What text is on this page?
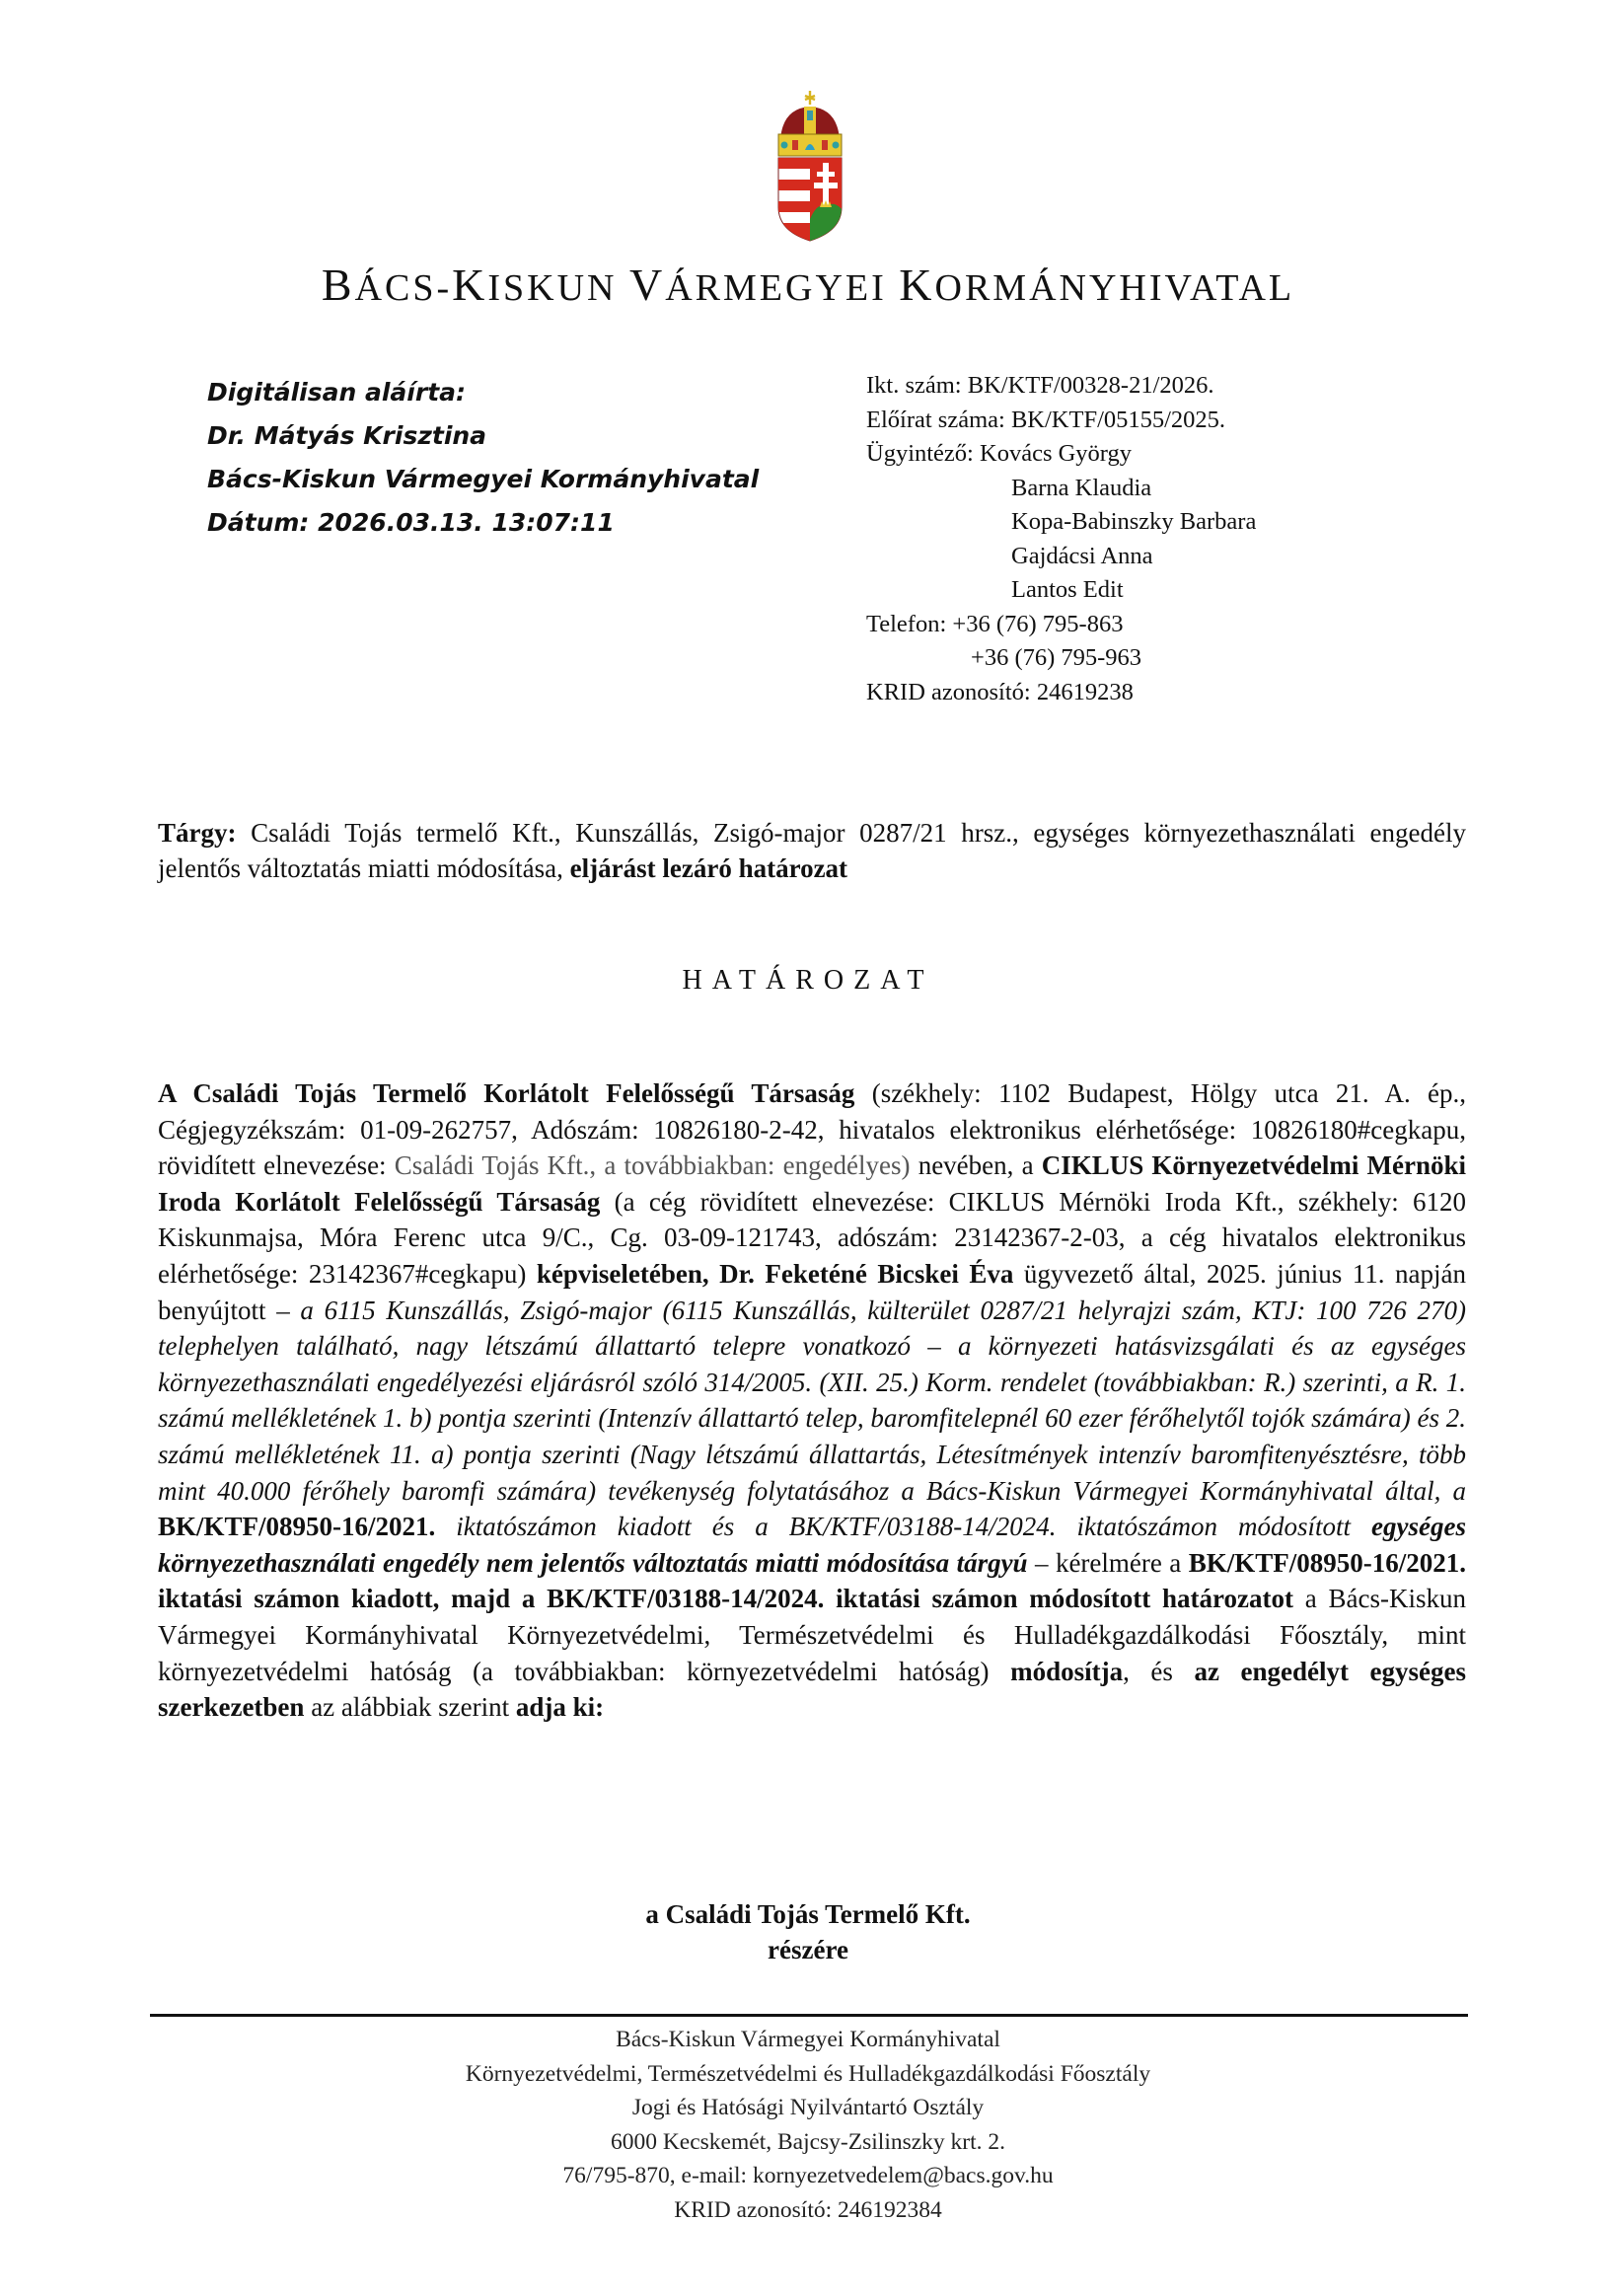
BÁCS-KISKUN VÁRMEGYEI KORMÁNYHIVATAL
Digitálisan aláírta:
Dr. Mátyás Krisztina
Bács-Kiskun Vármegyei Kormányhivatal
Dátum: 2026.03.13. 13:07:11
Ikt. szám: BK/KTF/00328-21/2026.
Előírat száma: BK/KTF/05155/2025.
Ügyintéző: Kovács György
Barna Klaudia
Kopa-Babinszky Barbara
Gajdácsi Anna
Lantos Edit
Telefon: +36 (76) 795-863
+36 (76) 795-963
KRID azonosító: 24619238
Tárgy: Családi Tojás termelő Kft., Kunszállás, Zsigó-major 0287/21 hrsz., egységes környezethasználati engedély jelentős változtatás miatti módosítása, eljárást lezáró határozat
HATÁROZAT
A Családi Tojás Termelő Korlátolt Felelősségű Társaság (székhely: 1102 Budapest, Hölgy utca 21. A. ép., Cégjegyzékszám: 01-09-262757, Adószám: 10826180-2-42, hivatalos elektronikus elérhetősége: 10826180#cegkapu, rövidített elnevezése: Családi Tojás Kft., a továbbiakban: engedélyes) nevében, a CIKLUS Környezetvédelmi Mérnöki Iroda Korlátolt Felelősségű Társaság (a cég rövidített elnevezése: CIKLUS Mérnöki Iroda Kft., székhely: 6120 Kiskunmajsa, Móra Ferenc utca 9/C., Cg. 03-09-121743, adószám: 23142367-2-03, a cég hivatalos elektronikus elérhetősége: 23142367#cegkapu) képviseletében, Dr. Feketéné Bicskei Éva ügyvezető által, 2025. június 11. napján benyújtott – a 6115 Kunszállás, Zsigó-major (6115 Kunszállás, külterület 0287/21 helyrajzi szám, KTJ: 100 726 270) telephelyen található, nagy létszámú állattartó telepre vonatkozó – a környezeti hatásvizsgálati és az egységes környezethasználati engedélyezési eljárásról szóló 314/2005. (XII. 25.) Korm. rendelet (továbbiakban: R.) szerinti, a R. 1. számú mellékletének 1. b) pontja szerinti (Intenzív állattartó telep, baromfitelepnél 60 ezer férőhelytől tojók számára) és 2. számú mellékletének 11. a) pontja szerinti (Nagy létszámú állattartás, Létesítmények intenzív baromfitenyésztésre, több mint 40.000 férőhely baromfi számára) tevékenység folytatásához a Bács-Kiskun Vármegyei Kormányhivatal által, a BK/KTF/08950-16/2021. iktatószámon kiadott és a BK/KTF/03188-14/2024. iktatószámon módosított egységes környezethasználati engedély nem jelentős változtatás miatti módosítása tárgyú – kérelmére a BK/KTF/08950-16/2021. iktatási számon kiadott, majd a BK/KTF/03188-14/2024. iktatási számon módosított határozatot a Bács-Kiskun Vármegyei Kormányhivatal Környezetvédelmi, Természetvédelmi és Hulladékgazdálkodási Főosztály, mint környezetvédelmi hatóság (a továbbiakban: környezetvédelmi hatóság) módosítja, és az engedélyt egységes szerkezetben az alábbiak szerint adja ki:
a Családi Tojás Termelő Kft.
részére
Bács-Kiskun Vármegyei Kormányhivatal
Környezetvédelmi, Természetvédelmi és Hulladékgazdálkodási Főosztály
Jogi és Hatósági Nyilvántartó Osztály
6000 Kecskemét, Bajcsy-Zsilinszky krt. 2.
76/795-870, e-mail: kornyezetvedelem@bacs.gov.hu
KRID azonosító: 246192384
